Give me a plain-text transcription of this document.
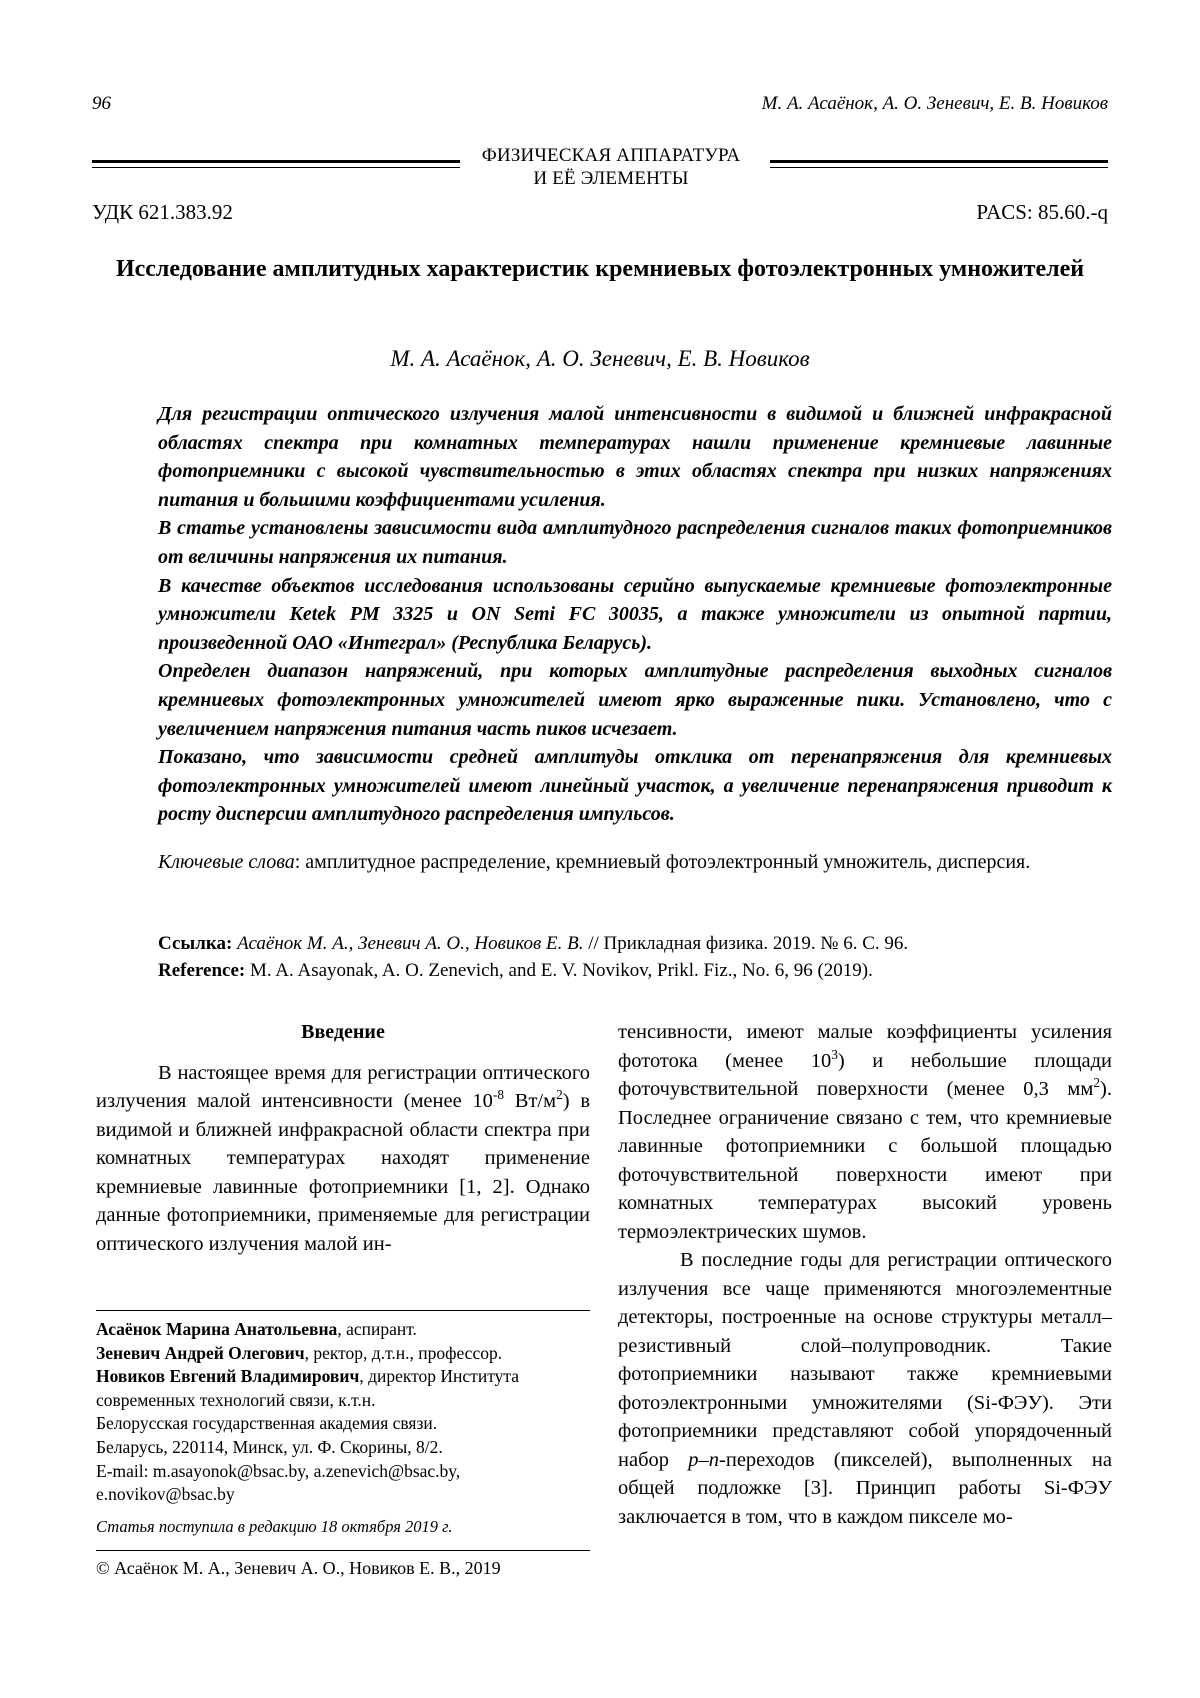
96	М. А. Асаёнок, А. О. Зеневич, Е. В. Новиков
ФИЗИЧЕСКАЯ АППАРАТУРА
И ЕЁ ЭЛЕМЕНТЫ
УДК 621.383.92	PACS: 85.60.-q
Исследование амплитудных характеристик кремниевых фотоэлектронных умножителей
М. А. Асаёнок, А. О. Зеневич, Е. В. Новиков

Для регистрации оптического излучения малой интенсивности в видимой и ближней инфракрасной областях спектра при комнатных температурах нашли применение кремниевые лавинные фотоприемники с высокой чувствительностью в этих областях спектра при низких напряжениях питания и большими коэффициентами усиления.

В статье установлены зависимости вида амплитудного распределения сигналов таких фотоприемников от величины напряжения их питания.

В качестве объектов исследования использованы серийно выпускаемые кремниевые фотоэлектронные умножители Ketek PM 3325 и ON Semi FC 30035, а также умножители из опытной партии, произведенной ОАО «Интеграл» (Республика Беларусь).

Определен диапазон напряжений, при которых амплитудные распределения выходных сигналов кремниевых фотоэлектронных умножителей имеют ярко выраженные пики. Установлено, что с увеличением напряжения питания часть пиков исчезает.

Показано, что зависимости средней амплитуды отклика от перенапряжения для кремниевых фотоэлектронных умножителей имеют линейный участок, а увеличение перенапряжения приводит к росту дисперсии амплитудного распределения импульсов.

Ключевые слова: амплитудное распределение, кремниевый фотоэлектронный умножитель, дисперсия.
Ссылка: Асаёнок М. А., Зеневич А. О., Новиков Е. В. // Прикладная физика. 2019. № 6. С. 96.
Reference: M. A. Asayonak, A. O. Zenevich, and E. V. Novikov, Prikl. Fiz., No. 6, 96 (2019).
Введение

В настоящее время для регистрации оптического излучения малой интенсивности (менее $10^{-8}$ $Вт/м^2$) в видимой и ближней инфракрасной области спектра при комнатных температурах находят применение кремниевые лавинные фотоприемники [1, 2]. Однако данные фотоприемники, применяемые для регистрации оптического излучения малой ин-

тенсивности, имеют малые коэффициенты усиления фототока (менее $10^3$) и небольшие площади фоточувствительной поверхности (менее 0,3 $мм^2$). Последнее ограничение связано с тем, что кремниевые лавинные фотоприемники с большой площадью фоточувствительной поверхности имеют при комнатных температурах высокий уровень термоэлектрических шумов.

В последние годы для регистрации оптического излучения все чаще применяются многоэлементные детекторы, построенные на основе структуры металл–резистивный слой–полупроводник. Такие фотоприемники называют также кремниевыми фотоэлектронными умножителями (Si-ФЭУ). Эти фотоприемники представляют собой упорядоченный набор p–n-переходов (пикселей), выполненных на общей подложке [3]. Принцип работы Si-ФЭУ заключается в том, что в каждом пикселе мо-

Асаёнок Марина Анатольевна, аспирант.

Зеневич Андрей Олегович, ректор, д.т.н., профессор.

Новиков Евгений Владимирович, директор Института современных технологий связи, к.т.н.

Белорусская государственная академия связи.

Беларусь, 220114, Минск, ул. Ф. Скорины, 8/2.

E-mail: m.asayonok@bsac.by, a.zenevich@bsac.by, e.novikov@bsac.by

Статья поступила в редакцию 18 октября 2019 г.
© Асаёнок М. А., Зеневич А. О., Новиков Е. В., 2019
